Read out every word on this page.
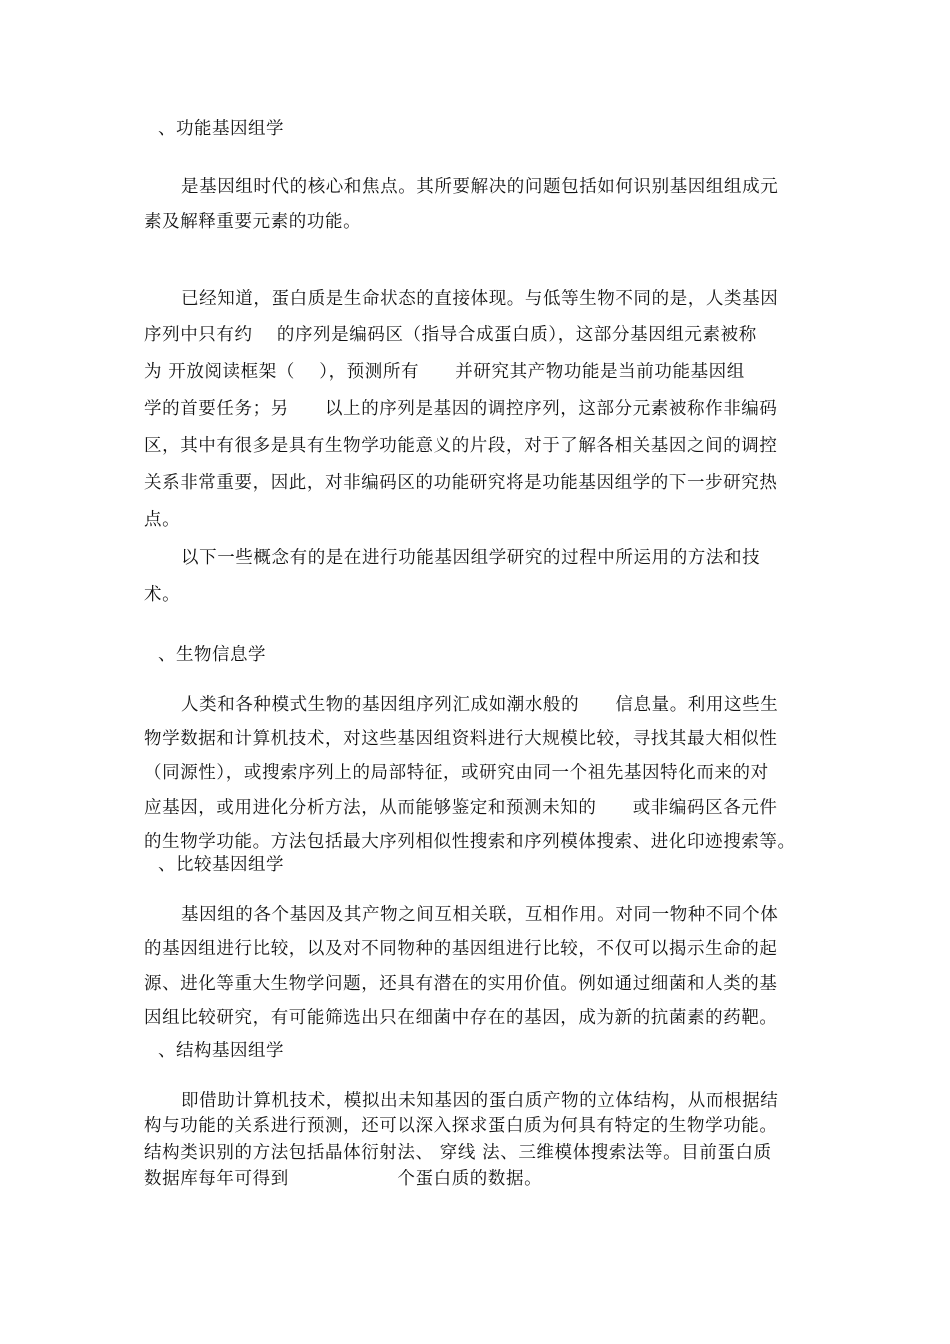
、功能基因组学
是基因组时代的核心和焦点。其所要解决的问题包括如何识别基因组组成元
素及解释重要元素的功能。
已经知道，蛋白质是生命状态的直接体现。与低等生物不同的是，人类基因
序列中只有约　 的序列是编码区（指导合成蛋白质），这部分基因组元素被称
为 开放阅读框架（　 ），预测所有　　并研究其产物功能是当前功能基因组
学的首要任务；另　　以上的序列是基因的调控序列，这部分元素被称作非编码
区，其中有很多是具有生物学功能意义的片段，对于了解各相关基因之间的调控
关系非常重要，因此，对非编码区的功能研究将是功能基因组学的下一步研究热
点。
以下一些概念有的是在进行功能基因组学研究的过程中所运用的方法和技
术。
、生物信息学
人类和各种模式生物的基因组序列汇成如潮水般的　　信息量。利用这些生
物学数据和计算机技术，对这些基因组资料进行大规模比较，寻找其最大相似性
（同源性），或搜索序列上的局部特征，或研究由同一个祖先基因特化而来的对
应基因，或用进化分析方法，从而能够鉴定和预测未知的　　或非编码区各元件
的生物学功能。方法包括最大序列相似性搜索和序列模体搜索、进化印迹搜索等。
、比较基因组学
基因组的各个基因及其产物之间互相关联，互相作用。对同一物种不同个体
的基因组进行比较，以及对不同物种的基因组进行比较，不仅可以揭示生命的起
源、进化等重大生物学问题，还具有潜在的实用价值。例如通过细菌和人类的基
因组比较研究，有可能筛选出只在细菌中存在的基因，成为新的抗菌素的药靶。
、结构基因组学
即借助计算机技术，模拟出未知基因的蛋白质产物的立体结构，从而根据结
构与功能的关系进行预测，还可以深入探求蛋白质为何具有特定的生物学功能。
结构类识别的方法包括晶体衍射法、 穿线 法、三维模体搜索法等。目前蛋白质
数据库每年可得到　　　　　　个蛋白质的数据。
